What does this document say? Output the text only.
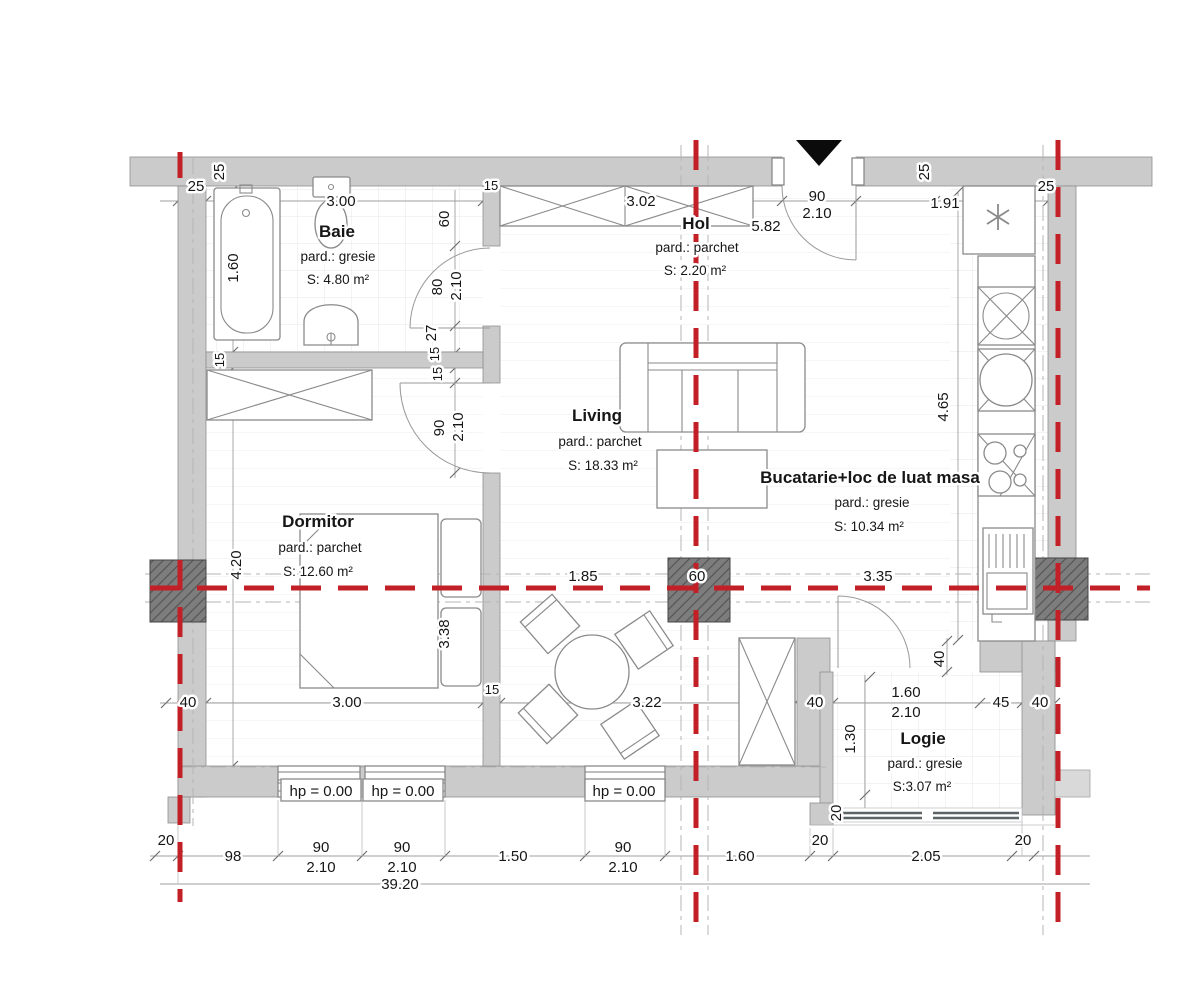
Baie
pard.: gresie
S: 4.80 m²
Hol
pard.: parchet
S: 2.20 m²
Living
pard.: parchet
S: 18.33 m²
Dormitor
pard.: parchet
S: 12.60 m²
Bucatarie+loc de luat masa
pard.: gresie
S: 10.34 m²
Logie
pard.: gresie
S:3.07 m²
25
25
3.00
15
3.02
5.82
90
2.10
1.91
25
25
1.60
15
4.20
40
60
80 2.10
27
15
15
90 2.10
1.85	60	3.35
3.38
15
3.00	3.22	40
4.65
40
1.60
2.10
45 40
1.30
20
hp = 0.00 hp = 0.00	hp = 0.00
20
98
90
2.10
90
2.10
1.50
90
2.10
1.60
20
2.05
20
39.20
